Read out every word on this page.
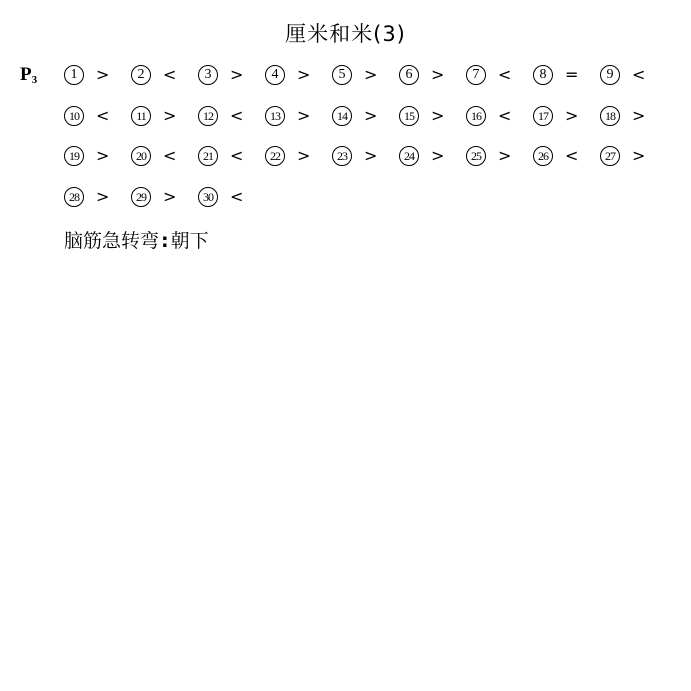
厘米和米(3)
$P_3$	1	>	2	<	3	>	4	>	5	>	6	>	7	<	8	=	9	<
10	<	11	>	12	<	13	>	14	>	15	>	16	<	17	>	18	>
19	>	20	<	21	<	22	>	23	>	24	>	25	>	26	<	27	>
28	>	29	>	30	<
脑筋急转弯 : 朝下
